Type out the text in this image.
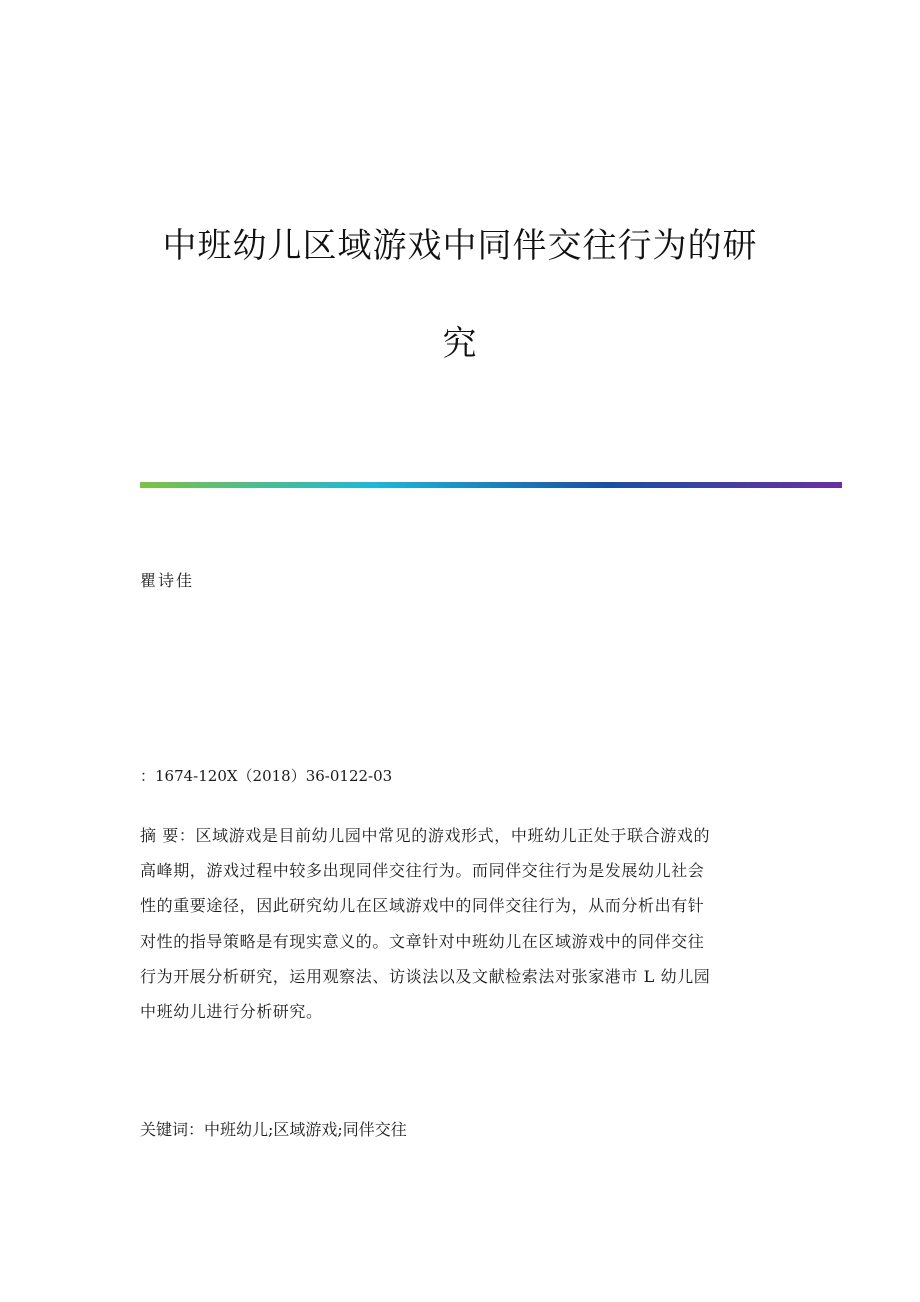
中班幼儿区域游戏中同伴交往行为的研
究
瞿诗佳
：1674-120X（2018）36-0122-03
摘 要：区域游戏是目前幼儿园中常见的游戏形式，中班幼儿正处于联合游戏的
高峰期，游戏过程中较多出现同伴交往行为。而同伴交往行为是发展幼儿社会
性的重要途径，因此研究幼儿在区域游戏中的同伴交往行为，从而分析出有针
对性的指导策略是有现实意义的。文章针对中班幼儿在区域游戏中的同伴交往
行为开展分析研究，运用观察法、访谈法以及文献检索法对张家港市 L 幼儿园
中班幼儿进行分析研究。
关键词：中班幼儿;区域游戏;同伴交往
